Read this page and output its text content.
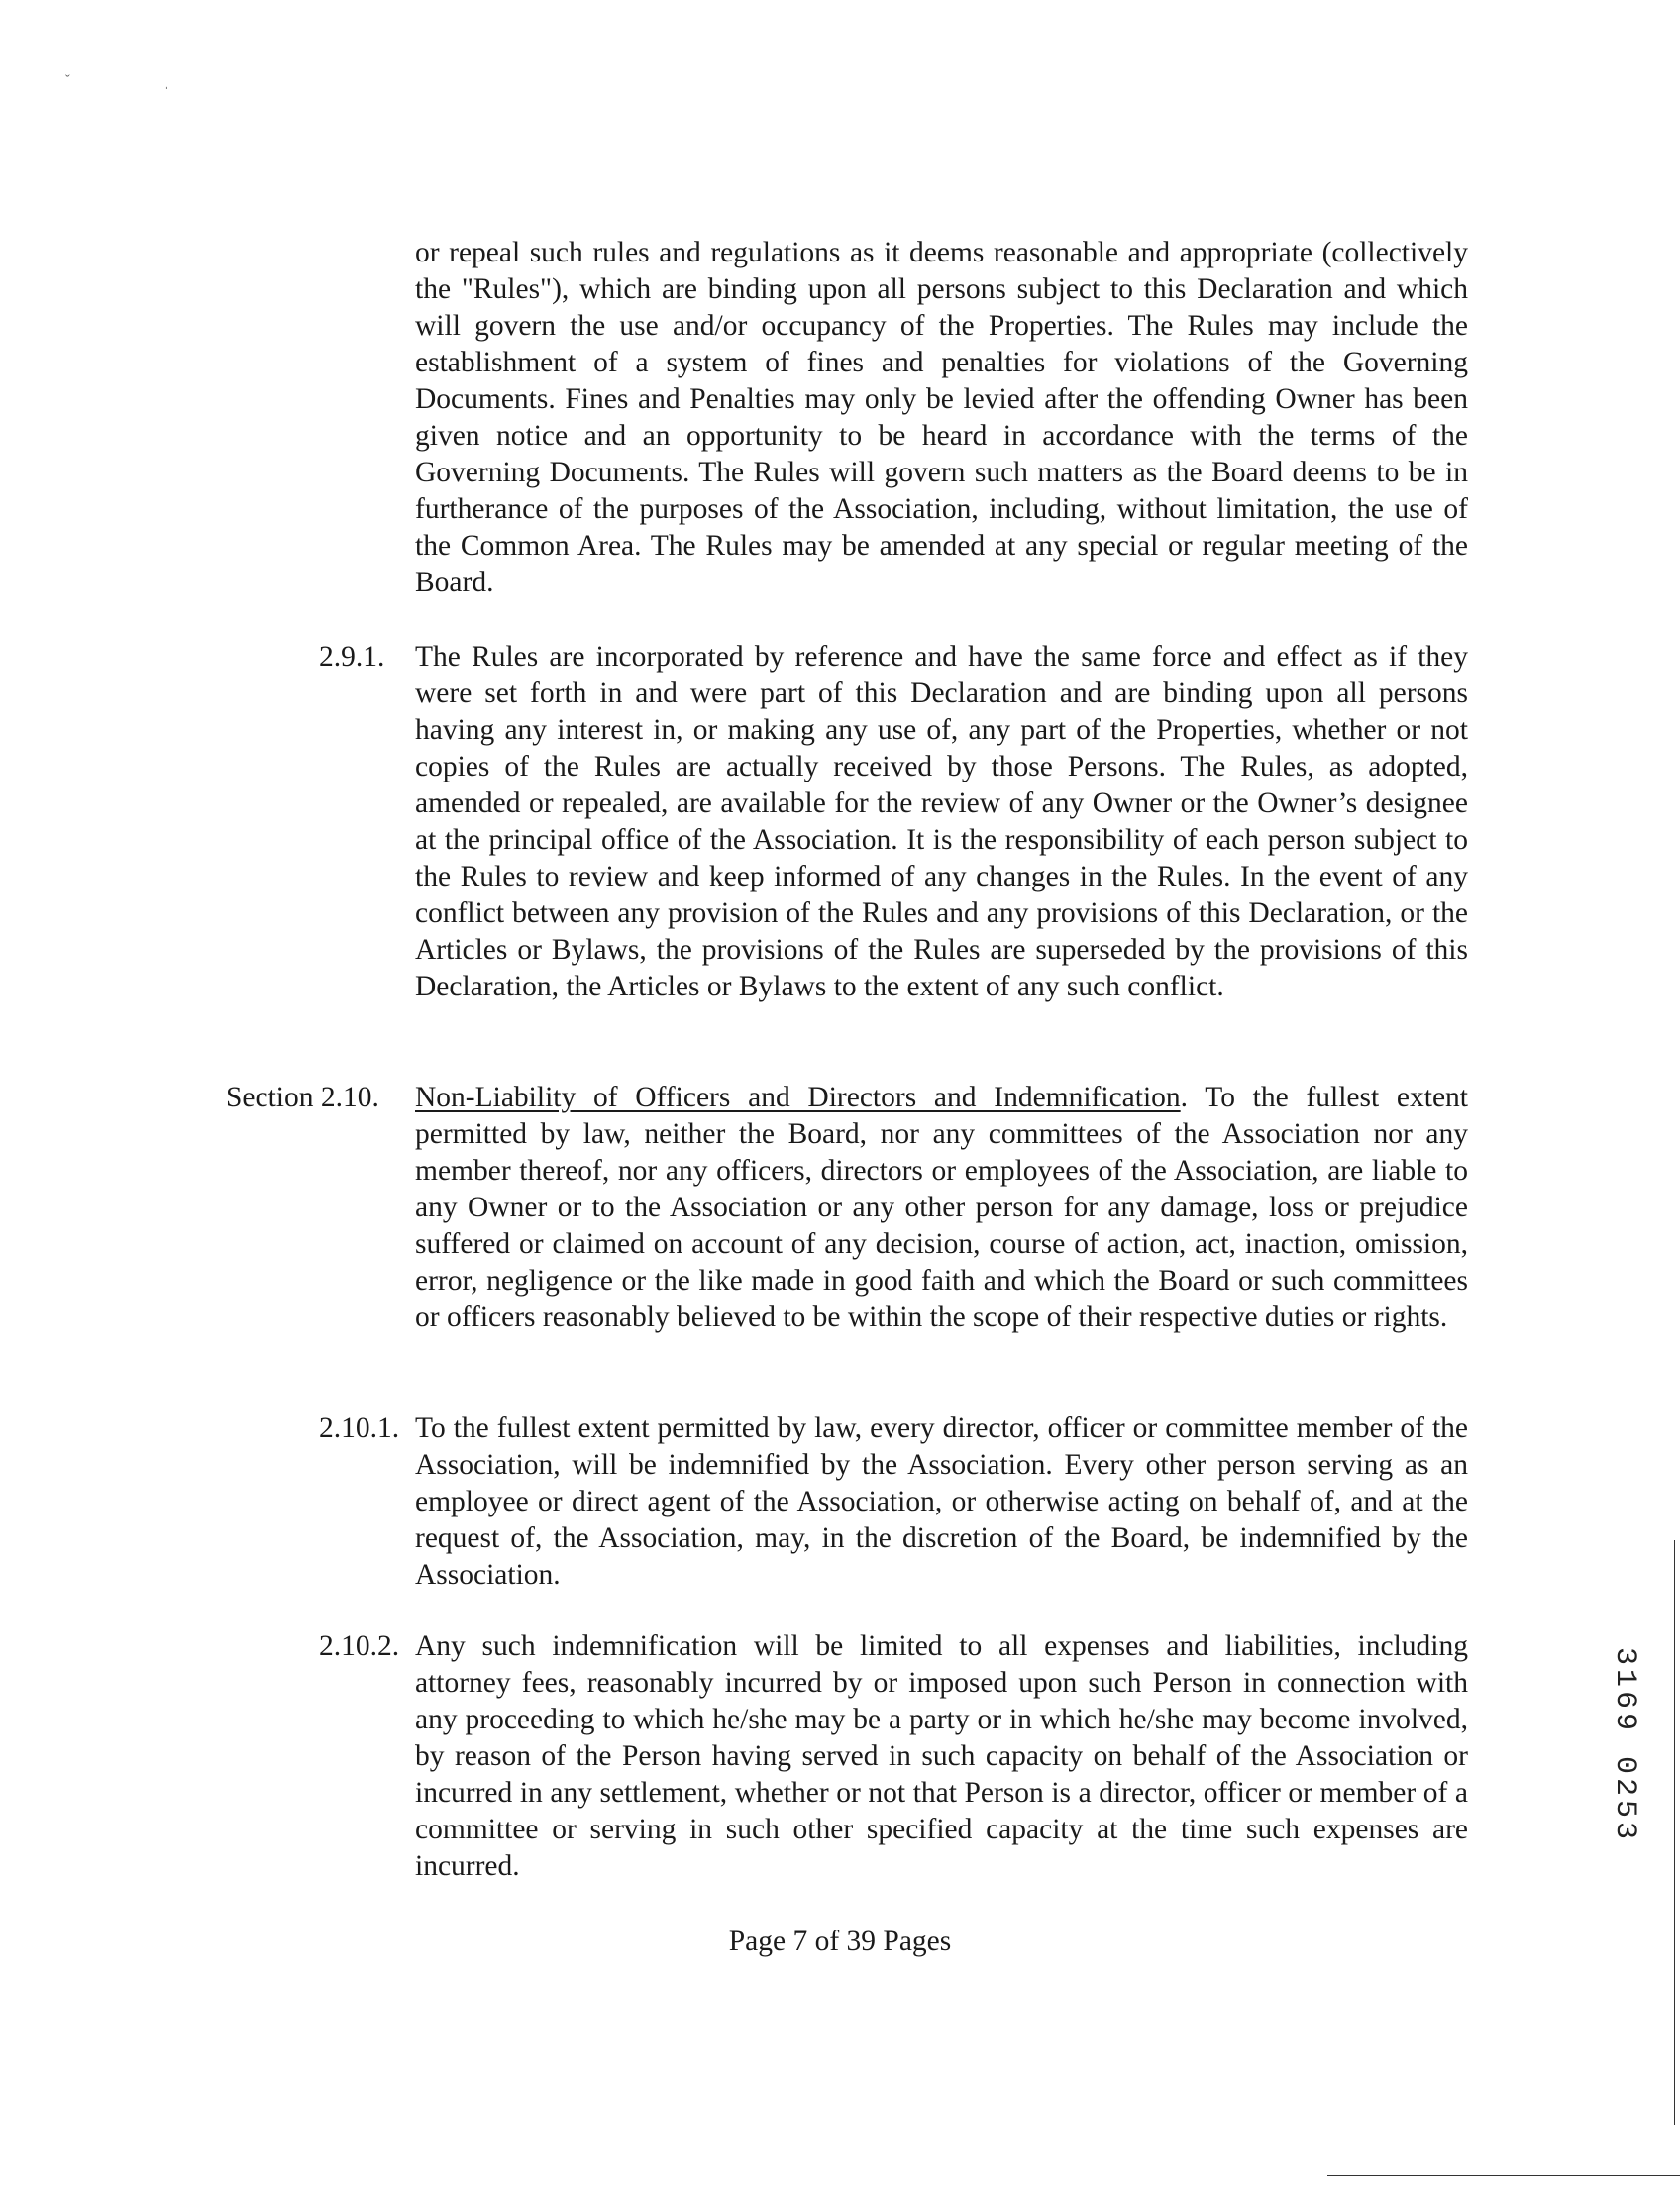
ˇ	ˌ
or repeal such rules and regulations as it deems reasonable and appropriate (collectively the "Rules"), which are binding upon all persons subject to this Declaration and which will govern the use and/or occupancy of the Properties. The Rules may include the establishment of a system of fines and penalties for violations of the Governing Documents. Fines and Penalties may only be levied after the offending Owner has been given notice and an opportunity to be heard in accordance with the terms of the Governing Documents. The Rules will govern such matters as the Board deems to be in furtherance of the purposes of the Association, including, without limitation, the use of the Common Area. The Rules may be amended at any special or regular meeting of the Board.
2.9.1. The Rules are incorporated by reference and have the same force and effect as if they were set forth in and were part of this Declaration and are binding upon all persons having any interest in, or making any use of, any part of the Properties, whether or not copies of the Rules are actually received by those Persons. The Rules, as adopted, amended or repealed, are available for the review of any Owner or the Owner’s designee at the principal office of the Association. It is the responsibility of each person subject to the Rules to review and keep informed of any changes in the Rules. In the event of any conflict between any provision of the Rules and any provisions of this Declaration, or the Articles or Bylaws, the provisions of the Rules are superseded by the provisions of this Declaration, the Articles or Bylaws to the extent of any such conflict.
Section 2.10. Non-Liability of Officers and Directors and Indemnification. To the fullest extent permitted by law, neither the Board, nor any committees of the Association nor any member thereof, nor any officers, directors or employees of the Association, are liable to any Owner or to the Association or any other person for any damage, loss or prejudice suffered or claimed on account of any decision, course of action, act, inaction, omission, error, negligence or the like made in good faith and which the Board or such committees or officers reasonably believed to be within the scope of their respective duties or rights.
2.10.1. To the fullest extent permitted by law, every director, officer or committee member of the Association, will be indemnified by the Association. Every other person serving as an employee or direct agent of the Association, or otherwise acting on behalf of, and at the request of, the Association, may, in the discretion of the Board, be indemnified by the Association.
2.10.2. Any such indemnification will be limited to all expenses and liabilities, including attorney fees, reasonably incurred by or imposed upon such Person in connection with any proceeding to which he/she may be a party or in which he/she may become involved, by reason of the Person having served in such capacity on behalf of the Association or incurred in any settlement, whether or not that Person is a director, officer or member of a committee or serving in such other specified capacity at the time such expenses are incurred.
Page 7 of 39 Pages
3169 0253
